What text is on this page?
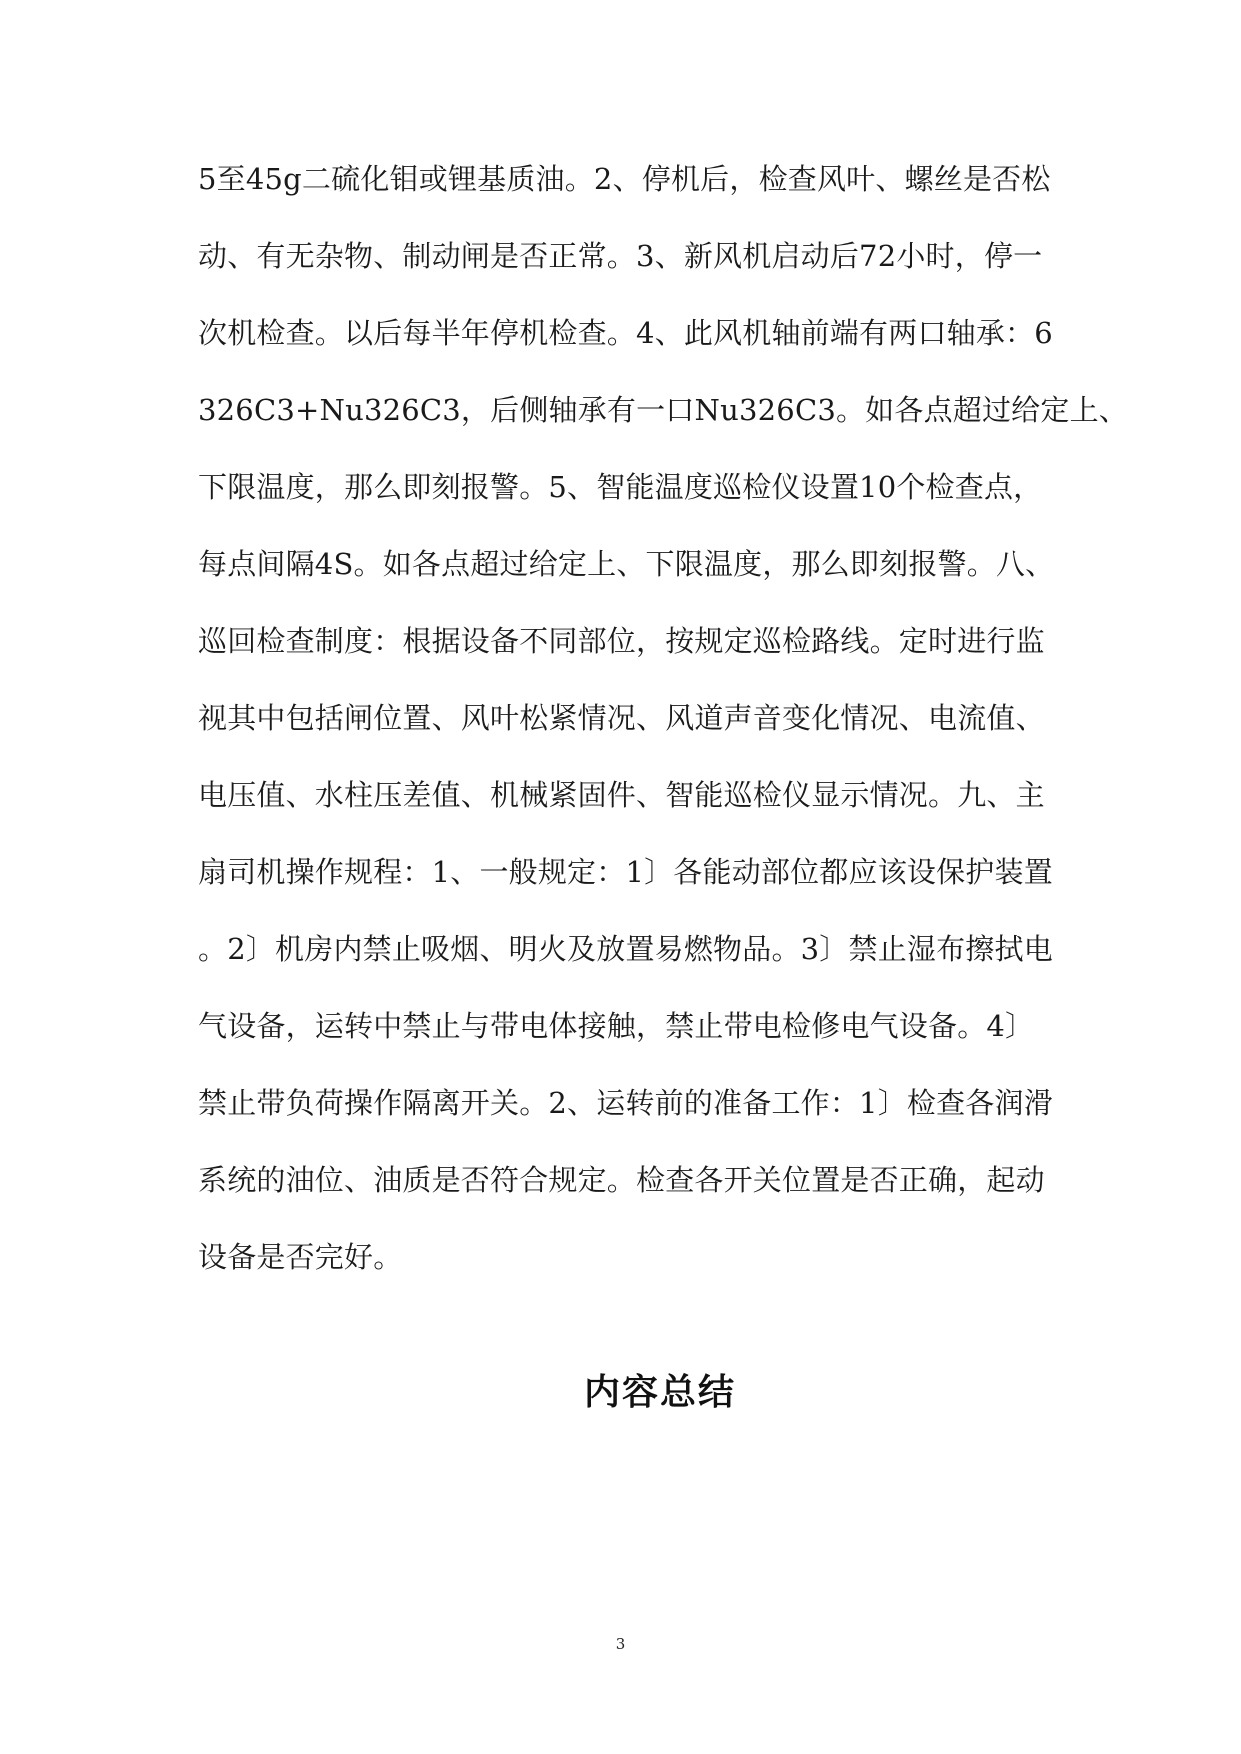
5至45g二硫化钼或锂基质油。2、停机后，检查风叶、螺丝是否松
动、有无杂物、制动闸是否正常。3、新风机启动后72小时，停一
次机检查。以后每半年停机检查。4、此风机轴前端有两口轴承：6
326C3+Nu326C3，后侧轴承有一口Nu326C3。如各点超过给定上、
下限温度，那么即刻报警。5、智能温度巡检仪设置10个检查点，
每点间隔4S。如各点超过给定上、下限温度，那么即刻报警。八、
巡回检查制度：根据设备不同部位，按规定巡检路线。定时进行监
视其中包括闸位置、风叶松紧情况、风道声音变化情况、电流值、
电压值、水柱压差值、机械紧固件、智能巡检仪显示情况。九、主
扇司机操作规程：1、一般规定：1〕各能动部位都应该设保护装置
。2〕机房内禁止吸烟、明火及放置易燃物品。3〕禁止湿布擦拭电
气设备，运转中禁止与带电体接触，禁止带电检修电气设备。4〕
禁止带负荷操作隔离开关。2、运转前的准备工作：1〕检查各润滑
系统的油位、油质是否符合规定。检查各开关位置是否正确，起动
设备是否完好。
内容总结
3
